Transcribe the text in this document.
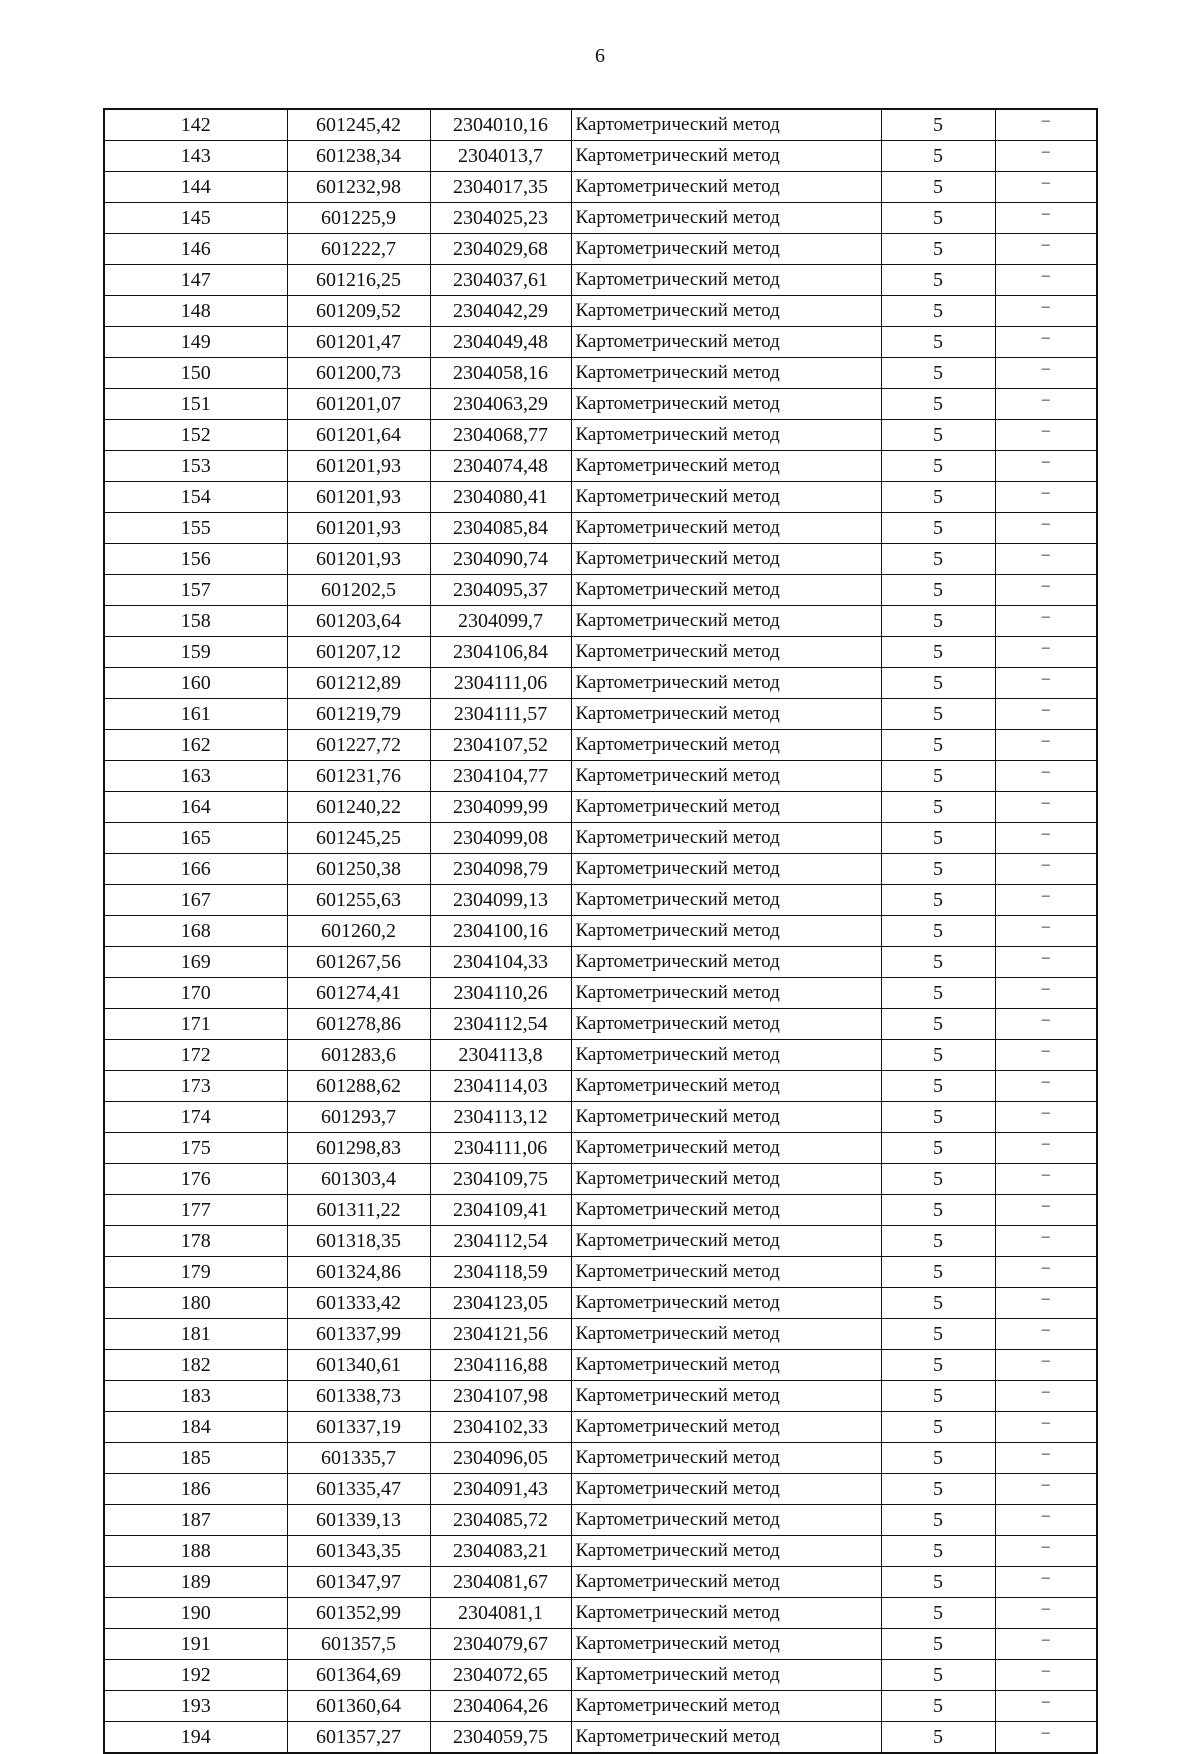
6
142	601245,42	2304010,16	Картометрический метод	5	–
143	601238,34	2304013,7	Картометрический метод	5	–
144	601232,98	2304017,35	Картометрический метод	5	–
145	601225,9	2304025,23	Картометрический метод	5	–
146	601222,7	2304029,68	Картометрический метод	5	–
147	601216,25	2304037,61	Картометрический метод	5	–
148	601209,52	2304042,29	Картометрический метод	5	–
149	601201,47	2304049,48	Картометрический метод	5	–
150	601200,73	2304058,16	Картометрический метод	5	–
151	601201,07	2304063,29	Картометрический метод	5	–
152	601201,64	2304068,77	Картометрический метод	5	–
153	601201,93	2304074,48	Картометрический метод	5	–
154	601201,93	2304080,41	Картометрический метод	5	–
155	601201,93	2304085,84	Картометрический метод	5	–
156	601201,93	2304090,74	Картометрический метод	5	–
157	601202,5	2304095,37	Картометрический метод	5	–
158	601203,64	2304099,7	Картометрический метод	5	–
159	601207,12	2304106,84	Картометрический метод	5	–
160	601212,89	2304111,06	Картометрический метод	5	–
161	601219,79	2304111,57	Картометрический метод	5	–
162	601227,72	2304107,52	Картометрический метод	5	–
163	601231,76	2304104,77	Картометрический метод	5	–
164	601240,22	2304099,99	Картометрический метод	5	–
165	601245,25	2304099,08	Картометрический метод	5	–
166	601250,38	2304098,79	Картометрический метод	5	–
167	601255,63	2304099,13	Картометрический метод	5	–
168	601260,2	2304100,16	Картометрический метод	5	–
169	601267,56	2304104,33	Картометрический метод	5	–
170	601274,41	2304110,26	Картометрический метод	5	–
171	601278,86	2304112,54	Картометрический метод	5	–
172	601283,6	2304113,8	Картометрический метод	5	–
173	601288,62	2304114,03	Картометрический метод	5	–
174	601293,7	2304113,12	Картометрический метод	5	–
175	601298,83	2304111,06	Картометрический метод	5	–
176	601303,4	2304109,75	Картометрический метод	5	–
177	601311,22	2304109,41	Картометрический метод	5	–
178	601318,35	2304112,54	Картометрический метод	5	–
179	601324,86	2304118,59	Картометрический метод	5	–
180	601333,42	2304123,05	Картометрический метод	5	–
181	601337,99	2304121,56	Картометрический метод	5	–
182	601340,61	2304116,88	Картометрический метод	5	–
183	601338,73	2304107,98	Картометрический метод	5	–
184	601337,19	2304102,33	Картометрический метод	5	–
185	601335,7	2304096,05	Картометрический метод	5	–
186	601335,47	2304091,43	Картометрический метод	5	–
187	601339,13	2304085,72	Картометрический метод	5	–
188	601343,35	2304083,21	Картометрический метод	5	–
189	601347,97	2304081,67	Картометрический метод	5	–
190	601352,99	2304081,1	Картометрический метод	5	–
191	601357,5	2304079,67	Картометрический метод	5	–
192	601364,69	2304072,65	Картометрический метод	5	–
193	601360,64	2304064,26	Картометрический метод	5	–
194	601357,27	2304059,75	Картометрический метод	5	–
